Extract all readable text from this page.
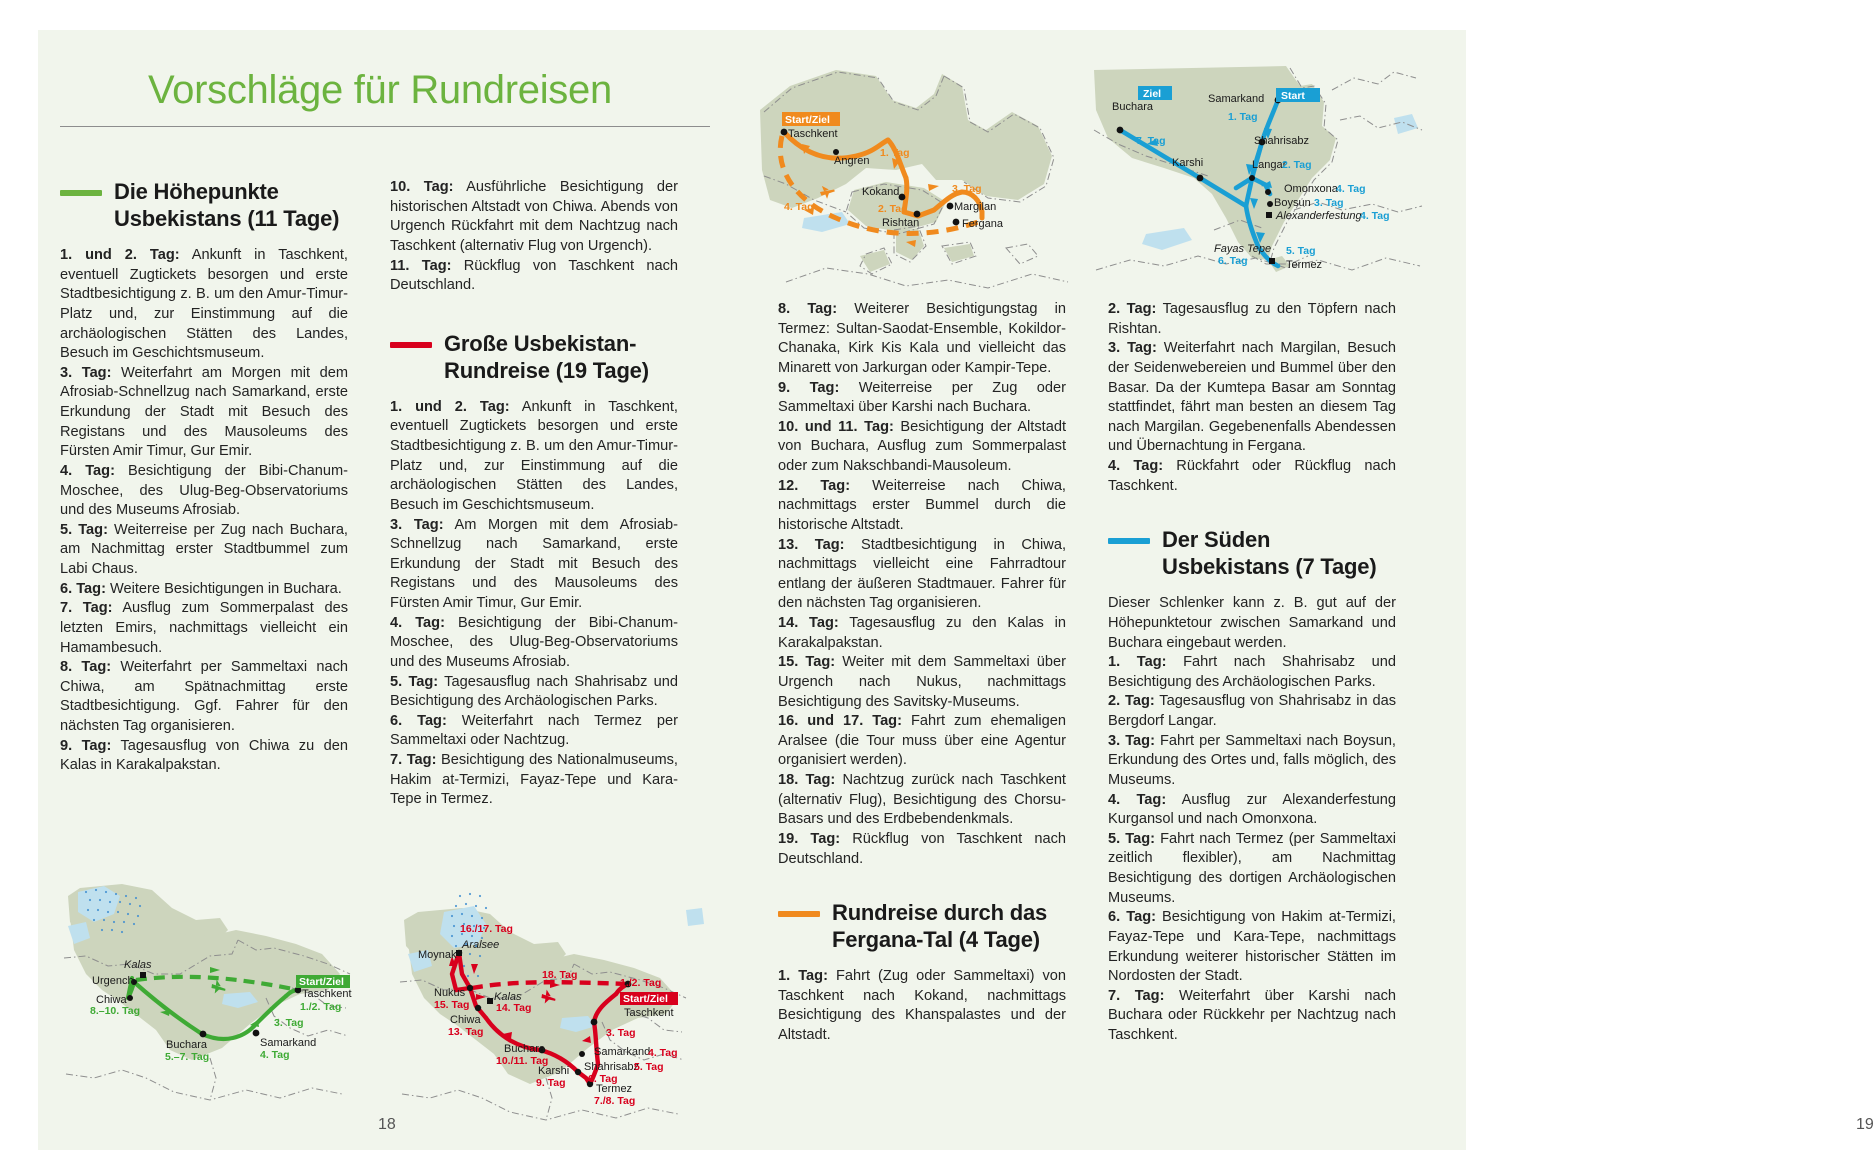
Vorschläge für Rundreisen
Die Höhepunkte Usbekistans (11 Tage)

1. und 2. Tag: Ankunft in Taschkent, eventuell Zugtickets besorgen und erste Stadtbesichtigung z. B. um den Amur-Timur-Platz und, zur Einstimmung auf die archäologischen Stätten des Landes, Besuch im Geschichtsmuseum.

3. Tag: Weiterfahrt am Morgen mit dem Afrosiab-Schnellzug nach Samarkand, erste Erkundung der Stadt mit Besuch des Registans und des Mausoleums des Fürsten Amir Timur, Gur Emir.

4. Tag: Besichtigung der Bibi-Chanum-Moschee, des Ulug-Beg-Observatoriums und des Museums Afrosiab.

5. Tag: Weiterreise per Zug nach Buchara, am Nachmittag erster Stadtbummel zum Labi Chaus.

6. Tag: Weitere Besichtigungen in Buchara.

7. Tag: Ausflug zum Sommerpalast des letzten Emirs, nachmittags vielleicht ein Hamambesuch.

8. Tag: Weiterfahrt per Sammeltaxi nach Chiwa, am Spätnachmittag erste Stadtbesichtigung. Ggf. Fahrer für den nächsten Tag organisieren.

9. Tag: Tagesausflug von Chiwa zu den Kalas in Karakalpakstan.

10. Tag: Ausführliche Besichtigung der historischen Altstadt von Chiwa. Abends von Urgench Rückfahrt mit dem Nachtzug nach Taschkent (alternativ Flug von Urgench).

11. Tag: Rückflug von Taschkent nach Deutschland.

Große Usbekistan-Rundreise (19 Tage)

1. und 2. Tag: Ankunft in Taschkent, eventuell Zugtickets besorgen und erste Stadtbesichtigung z. B. um den Amur-Timur-Platz und, zur Einstimmung auf die archäologischen Stätten des Landes, Besuch im Geschichtsmuseum.

3. Tag: Am Morgen mit dem Afrosiab-Schnellzug nach Samarkand, erste Erkundung der Stadt mit Besuch des Registans und des Mausoleums des Fürsten Amir Timur, Gur Emir.

4. Tag: Besichtigung der Bibi-Chanum-Moschee, des Ulug-Beg-Observatoriums und des Museums Afrosiab.

5. Tag: Tagesausflug nach Shahrisabz und Besichtigung des Archäologischen Parks.

6. Tag: Weiterfahrt nach Termez per Sammeltaxi oder Nachtzug.

7. Tag: Besichtigung des Nationalmuseums, Hakim at-Termizi, Fayaz-Tepe und Kara-Tepe in Termez.

Kalas
Urgench
Chiwa
Buchara	Samarkand
Taschkent
8.–10. Tag
5.–7. Tag	4. Tag
3. Tag
1./2. Tag
Start/Ziel
16./17. Tag
Aralsee
Moynak
Nukus
15. Tag
Kalas
14. Tag
Chiwa
13. Tag
18. Tag
1./2. Tag
Start/Ziel
Taschkent
Buchara
10./11. Tag
Karshi
9. Tag
Samarkand
3. Tag
4. Tag
Shahrisabz
5. Tag
6. Tag
Termez
7./8. Tag
18
Start/Ziel
Taschkent
Angren
1. Tag
Kokand
2. Tag
Rishtan
3. Tag
Margilan
Fergana
4. Tag
Ziel
Buchara
Samarkand Start
1. Tag
Shahrisabz
7. Tag
Karshi	Langar
2. Tag
Omonxona
4. Tag
Boysun 3. Tag
Alexanderfestung
4. Tag
Fayas Tepe
6. Tag
5. Tag
Termez

8. Tag: Weiterer Besichtigungstag in Termez: Sultan-Saodat-Ensemble, Kokildor-Chanaka, Kirk Kis Kala und vielleicht das Minarett von Jarkurgan oder Kampir-Tepe.

9. Tag: Weiterreise per Zug oder Sammeltaxi über Karshi nach Buchara.

10. und 11. Tag: Besichtigung der Altstadt von Buchara, Ausflug zum Sommerpalast oder zum Nakschbandi-Mausoleum.

12. Tag: Weiterreise nach Chiwa, nachmittags erster Bummel durch die historische Altstadt.

13. Tag: Stadtbesichtigung in Chiwa, nachmittags vielleicht eine Fahrradtour entlang der äußeren Stadtmauer. Fahrer für den nächsten Tag organisieren.

14. Tag: Tagesausflug zu den Kalas in Karakalpakstan.

15. Tag: Weiter mit dem Sammeltaxi über Urgench nach Nukus, nachmittags Besichtigung des Savitsky-Museums.

16. und 17. Tag: Fahrt zum ehemaligen Aralsee (die Tour muss über eine Agentur organisiert werden).

18. Tag: Nachtzug zurück nach Taschkent (alternativ Flug), Besichtigung des Chorsu-Basars und des Erdbebendenkmals.

19. Tag: Rückflug von Taschkent nach Deutschland.

Rundreise durch das Fergana-Tal (4 Tage)

1. Tag: Fahrt (Zug oder Sammeltaxi) von Taschkent nach Kokand, nachmittags Besichtigung des Khanspalastes und der Altstadt.

2. Tag: Tagesausflug zu den Töpfern nach Rishtan.

3. Tag: Weiterfahrt nach Margilan, Besuch der Seidenwebereien und Bummel über den Basar. Da der Kumtepa Basar am Sonntag stattfindet, fährt man besten an diesem Tag nach Margilan. Gegebenenfalls Abendessen und Übernachtung in Fergana.

4. Tag: Rückfahrt oder Rückflug nach Taschkent.

Der Süden Usbekistans (7 Tage)

Dieser Schlenker kann z. B. gut auf der Höhepunktetour zwischen Samarkand und Buchara eingebaut werden.

1. Tag: Fahrt nach Shahrisabz und Besichtigung des Archäologischen Parks.

2. Tag: Tagesausflug von Shahrisabz in das Bergdorf Langar.

3. Tag: Fahrt per Sammeltaxi nach Boysun, Erkundung des Ortes und, falls möglich, des Museums.

4. Tag: Ausflug zur Alexanderfestung Kurgansol und nach Omonxona.

5. Tag: Fahrt nach Termez (per Sammeltaxi zeitlich flexibler), am Nachmittag Besichtigung des dortigen Archäologischen Museums.

6. Tag: Besichtigung von Hakim at-Termizi, Fayaz-Tepe und Kara-Tepe, nachmittags Erkundung weiterer historischer Stätten im Nordosten der Stadt.

7. Tag: Weiterfahrt über Karshi nach Buchara oder Rückkehr per Nachtzug nach Taschkent.

19
